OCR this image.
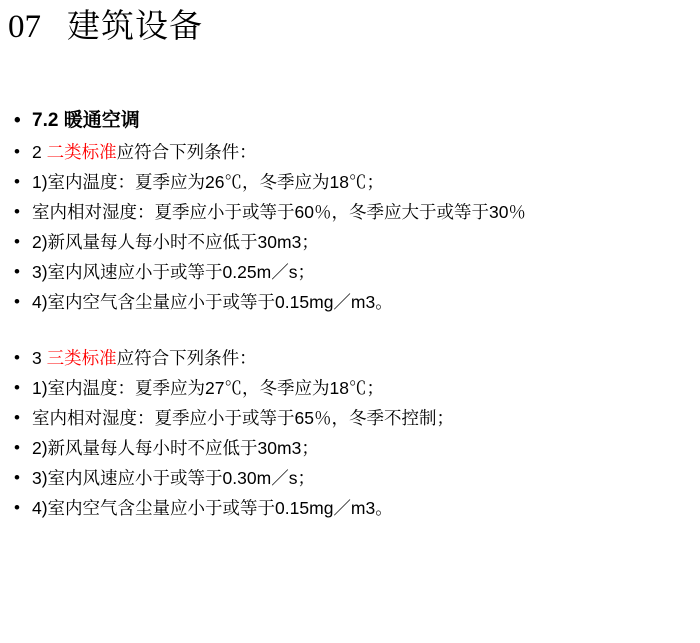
07 建筑设备
• 7.2 暖通空调
• 2 二类标准应符合下列条件：
• 1)室内温度：夏季应为26℃，冬季应为18℃；
• 室内相对湿度：夏季应小于或等于60％，冬季应大于或等于30％
• 2)新风量每人每小时不应低于30m3；
• 3)室内风速应小于或等于0.25m／s；
• 4)室内空气含尘量应小于或等于0.15mg／m3。
• 3 三类标准应符合下列条件：
• 1)室内温度：夏季应为27℃，冬季应为18℃；
• 室内相对湿度：夏季应小于或等于65％，冬季不控制；
• 2)新风量每人每小时不应低于30m3；
• 3)室内风速应小于或等于0.30m／s；
• 4)室内空气含尘量应小于或等于0.15mg／m3。
